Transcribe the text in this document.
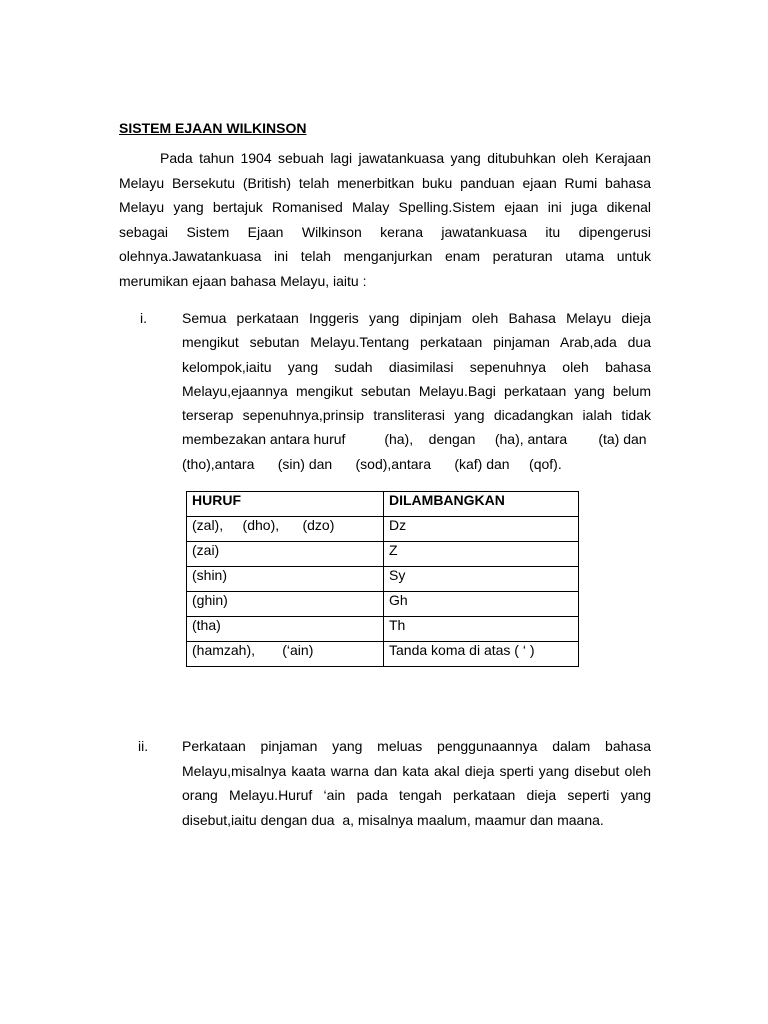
SISTEM EJAAN WILKINSON
Pada tahun 1904 sebuah lagi jawatankuasa yang ditubuhkan oleh Kerajaan
Melayu Bersekutu (British) telah menerbitkan buku panduan ejaan Rumi bahasa
Melayu yang bertajuk Romanised Malay Spelling.Sistem ejaan ini juga dikenal
sebagai Sistem Ejaan Wilkinson kerana jawatankuasa itu dipengerusi
olehnya.Jawatankuasa ini telah menganjurkan enam peraturan utama untuk
merumikan ejaan bahasa Melayu, iaitu :
i.	Semua perkataan Inggeris yang dipinjam oleh Bahasa Melayu dieja
mengikut sebutan Melayu.Tentang perkataan pinjaman Arab,ada dua
kelompok,iaitu yang sudah diasimilasi sepenuhnya oleh bahasa
Melayu,ejaannya mengikut sebutan Melayu.Bagi perkataan yang belum
terserap sepenuhnya,prinsip transliterasi yang dicadangkan ialah tidak
membezakan antara huruf          (ha),    dengan     (ha), antara        (ta) dan
(tho),antara      (sin) dan      (sod),antara      (kaf) dan     (qof).
HURUF	DILAMBANGKAN
(zal),     (dho),      (dzo)	Dz
(zai)	Z
(shin)	Sy
(ghin)	Gh
(tha)	Th
(hamzah),       (‘ain)	Tanda koma di atas ( ‘ )
ii. Perkataan pinjaman yang meluas penggunaannya dalam bahasa
Melayu,misalnya kaata warna dan kata akal dieja sperti yang disebut oleh
orang Melayu.Huruf ‘ain pada tengah perkataan dieja seperti yang
disebut,iaitu dengan dua  a, misalnya maalum, maamur dan maana.
